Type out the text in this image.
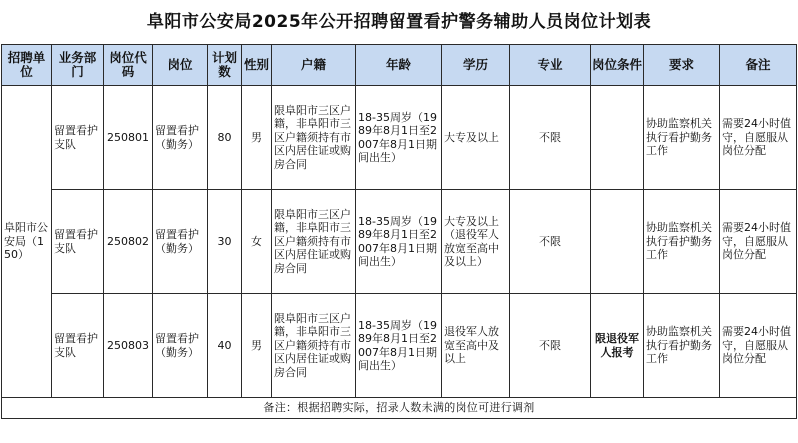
阜阳市公安局2025年公开招聘留置看护警务辅助人员岗位计划表
招聘单位	业务部门	岗位代码	岗位	计划数	性别	户籍	年龄	学历	专业	岗位条件	要求	备注
阜阳市公安局（150）	留置看护支队	250801	留置看护（勤务）	80	男	限阜阳市三区户籍，非阜阳市三区户籍须持有市区内居住证或购房合同	18-35周岁（1989年8月1日至2007年8月1日期间出生）	大专及以上	不限		协助监察机关执行看护勤务工作	需要24小时值守，自愿服从岗位分配
	留置看护支队	250802	留置看护（勤务）	30	女	限阜阳市三区户籍，非阜阳市三区户籍须持有市区内居住证或购房合同	18-35周岁（1989年8月1日至2007年8月1日期间出生）	大专及以上（退役军人放宽至高中及以上）	不限		协助监察机关执行看护勤务工作	需要24小时值守，自愿服从岗位分配
	留置看护支队	250803	留置看护（勤务）	40	男	限阜阳市三区户籍，非阜阳市三区户籍须持有市区内居住证或购房合同	18-35周岁（1989年8月1日至2007年8月1日期间出生）	退役军人放宽至高中及以上	不限	限退役军人报考	协助监察机关执行看护勤务工作	需要24小时值守，自愿服从岗位分配
备注：根据招聘实际，招录人数未满的岗位可进行调剂												
